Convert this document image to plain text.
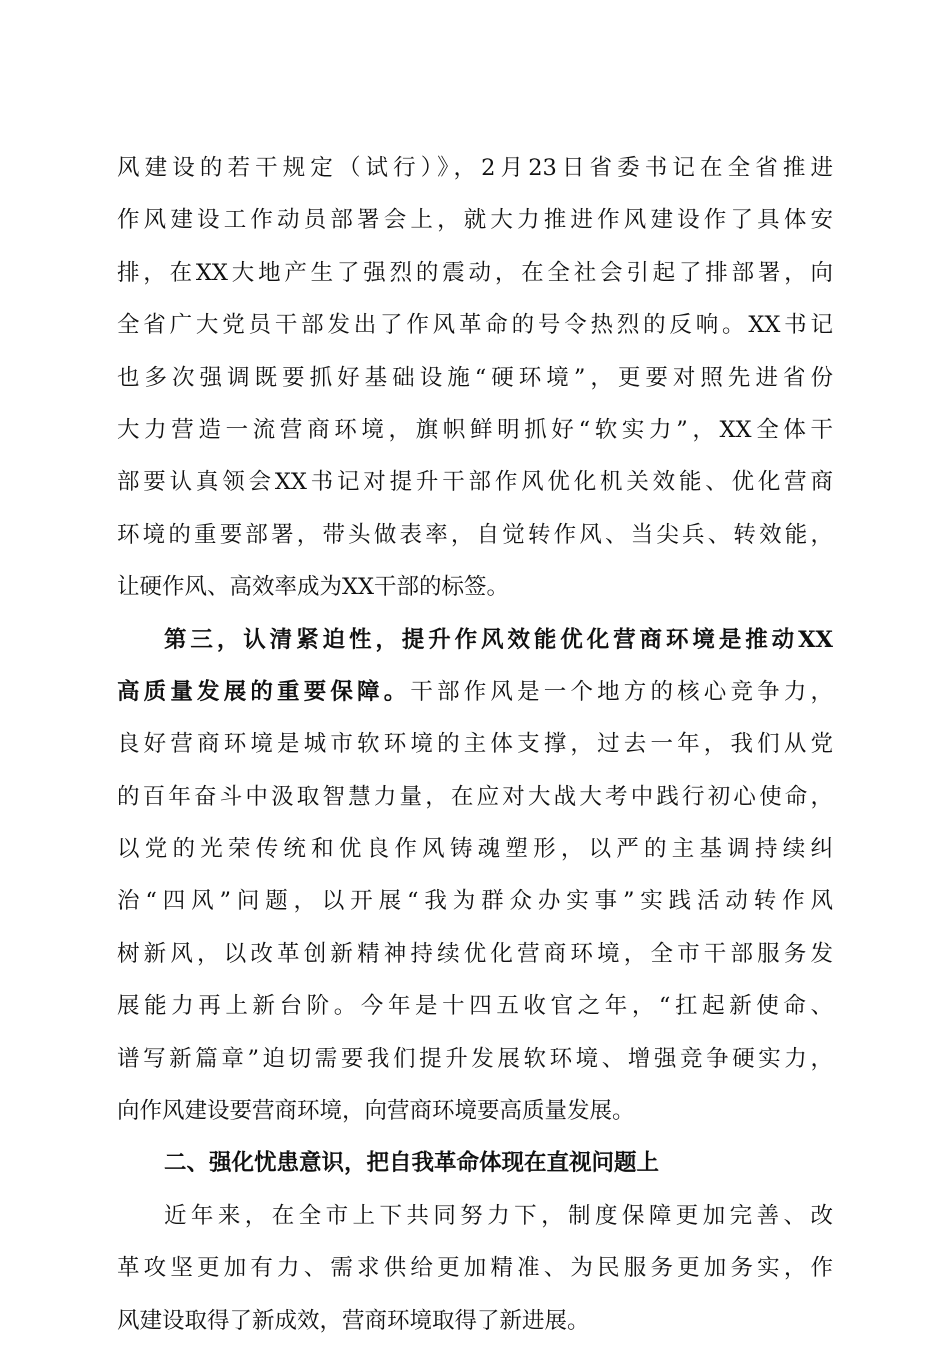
风建设的若干规定（试行）》，2月23日省委书记在全省推进
作风建设工作动员部署会上，就大力推进作风建设作了具体安
排，在XX大地产生了强烈的震动，在全社会引起了排部署，向
全省广大党员干部发出了作风革命的号令热烈的反响。XX书记
也多次强调既要抓好基础设施“硬环境”，更要对照先进省份
大力营造一流营商环境，旗帜鲜明抓好“软实力”，XX全体干
部要认真领会XX书记对提升干部作风优化机关效能、优化营商
环境的重要部署，带头做表率，自觉转作风、当尖兵、转效能，
让硬作风、高效率成为XX干部的标签。
第三，认清紧迫性，提升作风效能优化营商环境是推动XX
高质量发展的重要保障。干部作风是一个地方的核心竞争力，
良好营商环境是城市软环境的主体支撑，过去一年，我们从党
的百年奋斗中汲取智慧力量，在应对大战大考中践行初心使命，
以党的光荣传统和优良作风铸魂塑形，以严的主基调持续纠
治“四风”问题，以开展“我为群众办实事”实践活动转作风
树新风，以改革创新精神持续优化营商环境，全市干部服务发
展能力再上新台阶。今年是十四五收官之年，“扛起新使命、
谱写新篇章”迫切需要我们提升发展软环境、增强竞争硬实力，
向作风建设要营商环境，向营商环境要高质量发展。
二、强化忧患意识，把自我革命体现在直视问题上
近年来，在全市上下共同努力下，制度保障更加完善、改
革攻坚更加有力、需求供给更加精准、为民服务更加务实，作
风建设取得了新成效，营商环境取得了新进展。
